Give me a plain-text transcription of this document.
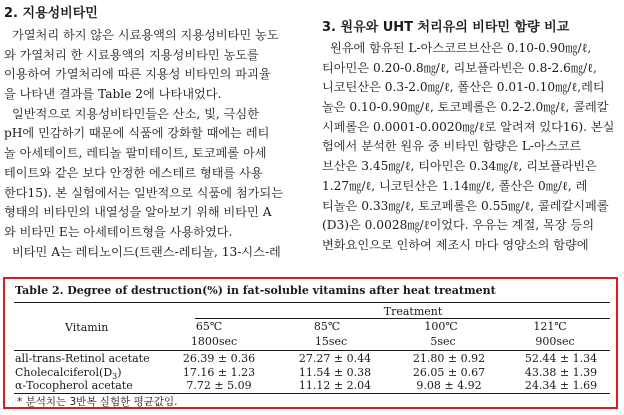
2. 지용성비타민
가열처리 하지 않은 시료용액의 지용성비타민 농도
와 가열처리 한 시료용액의 지용성비타민 농도를
이용하여 가열처리에 따른 지용성 비타민의 파괴율
을 나타낸 결과를 Table 2에 나타내었다.
일반적으로 지용성비타민들은 산소, 빛, 극심한
pH에 민감하기 때문에 식품에 강화할 때에는 레티
놀 아세테이트, 레티놀 팔미테이트, 토코페롤 아세
테이트와 같은 보다 안정한 에스테르 형태를 사용
한다15). 본 실험에서는 일반적으로 식품에 첨가되는
형태의 비타민의 내열성을 알아보기 위해 비타민 A
와 비타민 E는 아세테이트형을 사용하였다.
비타민 A는 레티노이드(트랜스-레티놀, 13-시스-레
3. 원유와 UHT 처리유의 비타민 함량 비교
원유에 함유된 L-아스코르브산은 0.10-0.90㎎/ℓ,
티아민은 0.20-0.8㎎/ℓ, 리보플라빈은 0.8-2.6㎎/ℓ,
니코틴산은 0.3-2.0㎎/ℓ, 폴산은 0.01-0.10㎎/ℓ,레티
놀은 0.10-0.90㎎/ℓ, 토코페롤은 0.2-2.0㎎/ℓ, 콜레칼
시페롤은 0.0001-0.0020㎎/ℓ로 알려져 있다16). 본실
험에서 분석한 원유 중 비타민 함량은 L-아스코르
브산은 3.45㎎/ℓ, 티아민은 0.34㎎/ℓ, 리보플라빈은
1.27㎎/ℓ, 니코틴산은 1.14㎎/ℓ, 폴산은 0㎎/ℓ, 레
티놀은 0.33㎎/ℓ, 토코페롤은 0.55㎎/ℓ, 콜레칼시페롤
(D3)은 0.0028㎎/ℓ이었다. 우유는 계절, 목장 등의
변화요인으로 인하여 제조시 마다 영양소의 함량에
Table 2. Degree of destruction(%) in fat-soluble vitamins after heat treatment
Vitamin
Treatment
65℃	85℃	100℃	121℃
1800sec	15sec	5sec	900sec
all-trans-Retinol acetate	26.39 ± 0.36	27.27 ± 0.44	21.80 ± 0.92	52.44 ± 1.34
$Cholecalciferol(D_3)$	17.16 ± 1.23	11.54 ± 0.38	26.05 ± 0.67	43.38 ± 1.39
α-Tocopherol acetate	7.72 ± 5.09	11.12 ± 2.04	9.08 ± 4.92	24.34 ± 1.69
* 분석치는 3반복 실험한 평균값임.
